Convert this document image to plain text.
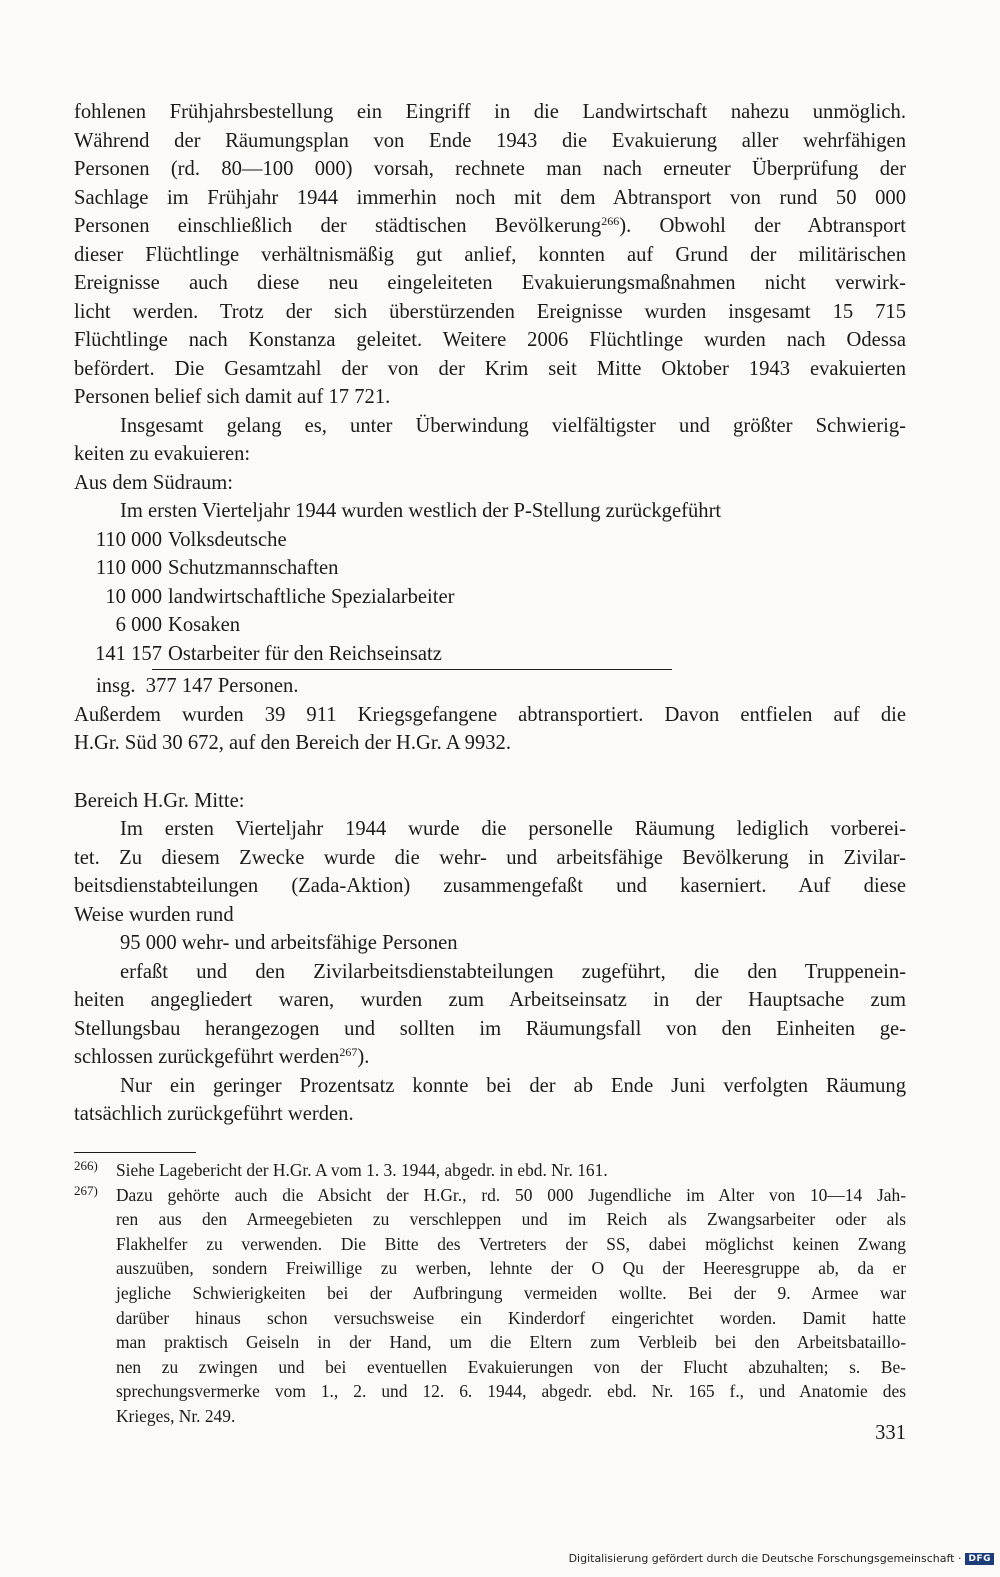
fohlenen Frühjahrsbestellung ein Eingriff in die Landwirtschaft nahezu unmöglich.
Während der Räumungsplan von Ende 1943 die Evakuierung aller wehrfähigen
Personen (rd. 80—100 000) vorsah, rechnete man nach erneuter Überprüfung der
Sachlage im Frühjahr 1944 immerhin noch mit dem Abtransport von rund 50 000
Personen einschließlich der städtischen Bevölkerung$^{266}$). Obwohl der Abtransport
dieser Flüchtlinge verhältnismäßig gut anlief, konnten auf Grund der militärischen
Ereignisse auch diese neu eingeleiteten Evakuierungsmaßnahmen nicht verwirk-
licht werden. Trotz der sich überstürzenden Ereignisse wurden insgesamt 15 715
Flüchtlinge nach Konstanza geleitet. Weitere 2006 Flüchtlinge wurden nach Odessa
befördert. Die Gesamtzahl der von der Krim seit Mitte Oktober 1943 evakuierten
Personen belief sich damit auf 17 721.

Insgesamt gelang es, unter Überwindung vielfältigster und größter Schwierig-
keiten zu evakuieren:

Aus dem Südraum:

Im ersten Vierteljahr 1944 wurden westlich der P-Stellung zurückgeführt

110 000 Volksdeutsche
110 000 Schutzmannschaften
10 000 landwirtschaftliche Spezialarbeiter
6 000 Kosaken
141 157 Ostarbeiter für den Reichseinsatz

insg.  377 147 Personen.

Außerdem wurden 39 911 Kriegsgefangene abtransportiert. Davon entfielen auf die
H.Gr. Süd 30 672, auf den Bereich der H.Gr. A 9932.

Bereich H.Gr. Mitte:

Im ersten Vierteljahr 1944 wurde die personelle Räumung lediglich vorberei-
tet. Zu diesem Zwecke wurde die wehr- und arbeitsfähige Bevölkerung in Zivilar-
beitsdienstabteilungen (Zada-Aktion) zusammengefaßt und kaserniert. Auf diese
Weise wurden rund

95 000 wehr- und arbeitsfähige Personen

erfaßt und den Zivilarbeitsdienstabteilungen zugeführt, die den Truppenein-
heiten angegliedert waren, wurden zum Arbeitseinsatz in der Hauptsache zum
Stellungsbau herangezogen und sollten im Räumungsfall von den Einheiten ge-
schlossen zurückgeführt werden$^{267}$).

Nur ein geringer Prozentsatz konnte bei der ab Ende Juni verfolgten Räumung
tatsächlich zurückgeführt werden.

266)	Siehe Lagebericht der H.Gr. A vom 1. 3. 1944, abgedr. in ebd. Nr. 161.
267)	Dazu gehörte auch die Absicht der H.Gr., rd. 50 000 Jugendliche im Alter von 10—14 Jah-
ren aus den Armeegebieten zu verschleppen und im Reich als Zwangsarbeiter oder als
Flakhelfer zu verwenden. Die Bitte des Vertreters der SS, dabei möglichst keinen Zwang
auszuüben, sondern Freiwillige zu werben, lehnte der O Qu der Heeresgruppe ab, da er
jegliche Schwierigkeiten bei der Aufbringung vermeiden wollte. Bei der 9. Armee war
darüber hinaus schon versuchsweise ein Kinderdorf eingerichtet worden. Damit hatte
man praktisch Geiseln in der Hand, um die Eltern zum Verbleib bei den Arbeitsbataillo-
nen zu zwingen und bei eventuellen Evakuierungen von der Flucht abzuhalten; s. Be-
sprechungsvermerke vom 1., 2. und 12. 6. 1944, abgedr. ebd. Nr. 165 f., und Anatomie des
Krieges, Nr. 249.
331
Digitalisierung gefördert durch die Deutsche Forschungsgemeinschaft · DFG
